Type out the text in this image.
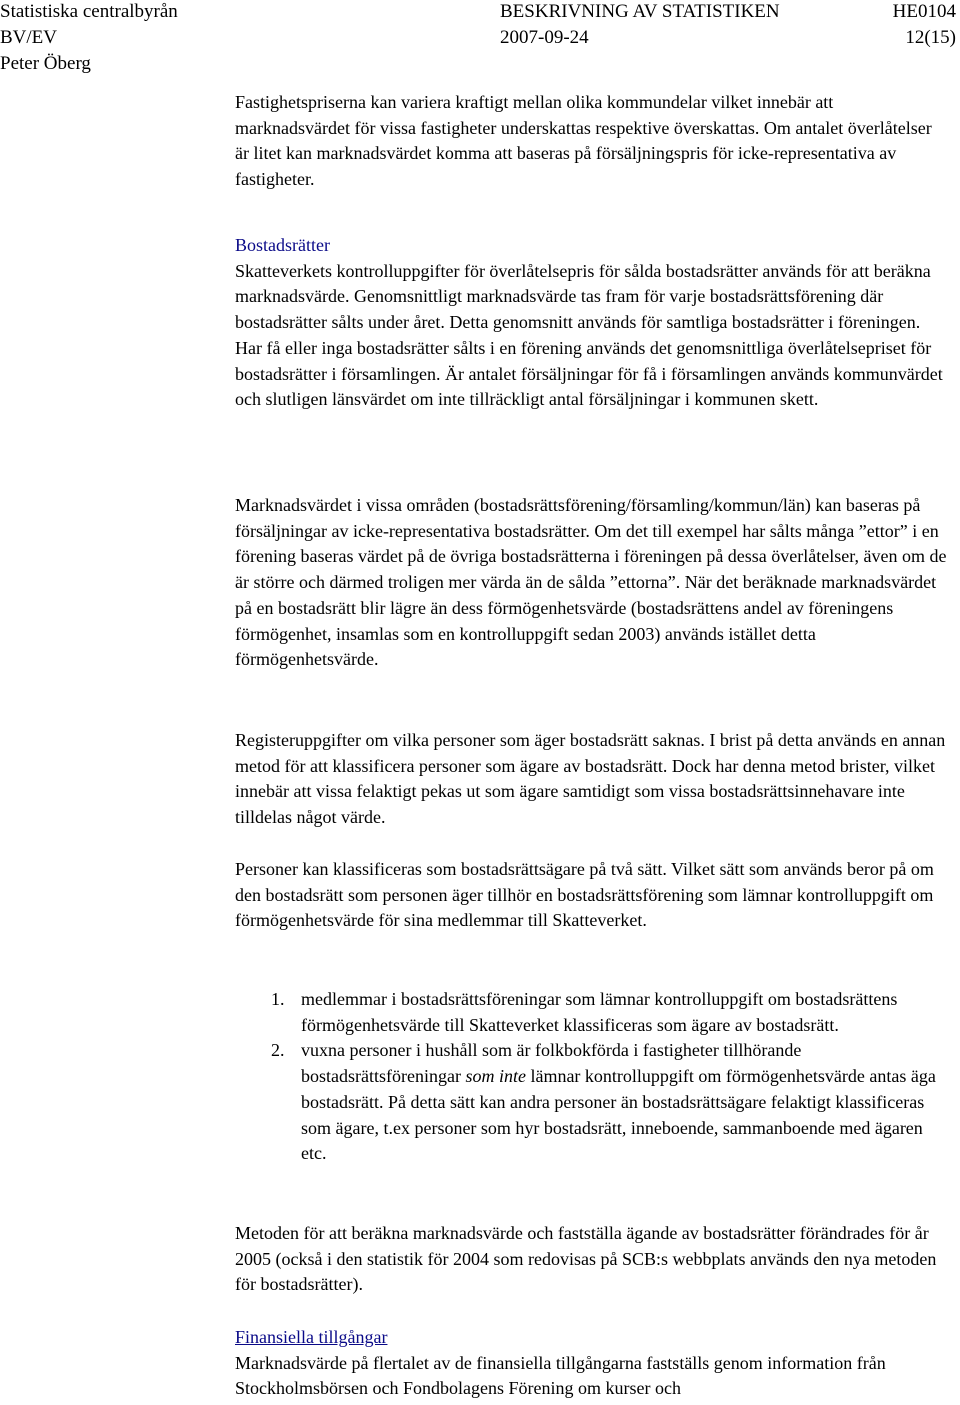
Statistiska centralbyrån	BESKRIVNING AV STATISTIKEN	HE0104
BV/EV	2007-09-24	12(15)
Peter Öberg

Fastighetspriserna kan variera kraftigt mellan olika kommundelar vilket innebär att marknadsvärdet för vissa fastigheter underskattas respektive överskattas. Om antalet överlåtelser är litet kan marknadsvärdet komma att baseras på försäljningspris för icke-representativa av fastigheter.

Bostadsrätter

Skatteverkets kontrolluppgifter för överlåtelsepris för sålda bostadsrätter används för att beräkna marknadsvärde. Genomsnittligt marknadsvärde tas fram för varje bostadsrättsförening där bostadsrätter sålts under året. Detta genomsnitt används för samtliga bostadsrätter i föreningen. Har få eller inga bostadsrätter sålts i en förening används det genomsnittliga överlåtelsepriset för bostadsrätter i församlingen. Är antalet försäljningar för få i församlingen används kommunvärdet och slutligen länsvärdet om inte tillräckligt antal försäljningar i kommunen skett.

Marknadsvärdet i vissa områden (bostadsrättsförening/församling/kommun/län) kan baseras på försäljningar av icke-representativa bostadsrätter. Om det till exempel har sålts många ”ettor” i en förening baseras värdet på de övriga bostadsrätterna i föreningen på dessa överlåtelser, även om de är större och därmed troligen mer värda än de sålda ”ettorna”. När det beräknade marknadsvärdet på en bostadsrätt blir lägre än dess förmögenhetsvärde (bostadsrättens andel av föreningens förmögenhet, insamlas som en kontrolluppgift sedan 2003) används istället detta förmögenhetsvärde.

Registeruppgifter om vilka personer som äger bostadsrätt saknas. I brist på detta används en annan metod för att klassificera personer som ägare av bostadsrätt. Dock har denna metod brister, vilket innebär att vissa felaktigt pekas ut som ägare samtidigt som vissa bostadsrättsinnehavare inte tilldelas något värde.

Personer kan klassificeras som bostadsrättsägare på två sätt. Vilket sätt som används beror på om den bostadsrätt som personen äger tillhör en bostadsrättsförening som lämnar kontrolluppgift om förmögenhetsvärde för sina medlemmar till Skatteverket.

1. medlemmar i bostadsrättsföreningar som lämnar kontrolluppgift om bostadsrättens förmögenhetsvärde till Skatteverket klassificeras som ägare av bostadsrätt.
2. vuxna personer i hushåll som är folkbokförda i fastigheter tillhörande bostadsrättsföreningar som inte lämnar kontrolluppgift om förmögenhetsvärde antas äga bostadsrätt. På detta sätt kan andra personer än bostadsrättsägare felaktigt klassificeras som ägare, t.ex personer som hyr bostadsrätt, inneboende, sammanboende med ägaren etc.

Metoden för att beräkna marknadsvärde och fastställa ägande av bostadsrätter förändrades för år 2005 (också i den statistik för 2004 som redovisas på SCB:s webbplats används den nya metoden för bostadsrätter).

Finansiella tillgångar

Marknadsvärde på flertalet av de finansiella tillgångarna fastställs genom information från Stockholmsbörsen och Fondbolagens Förening om kurser och
